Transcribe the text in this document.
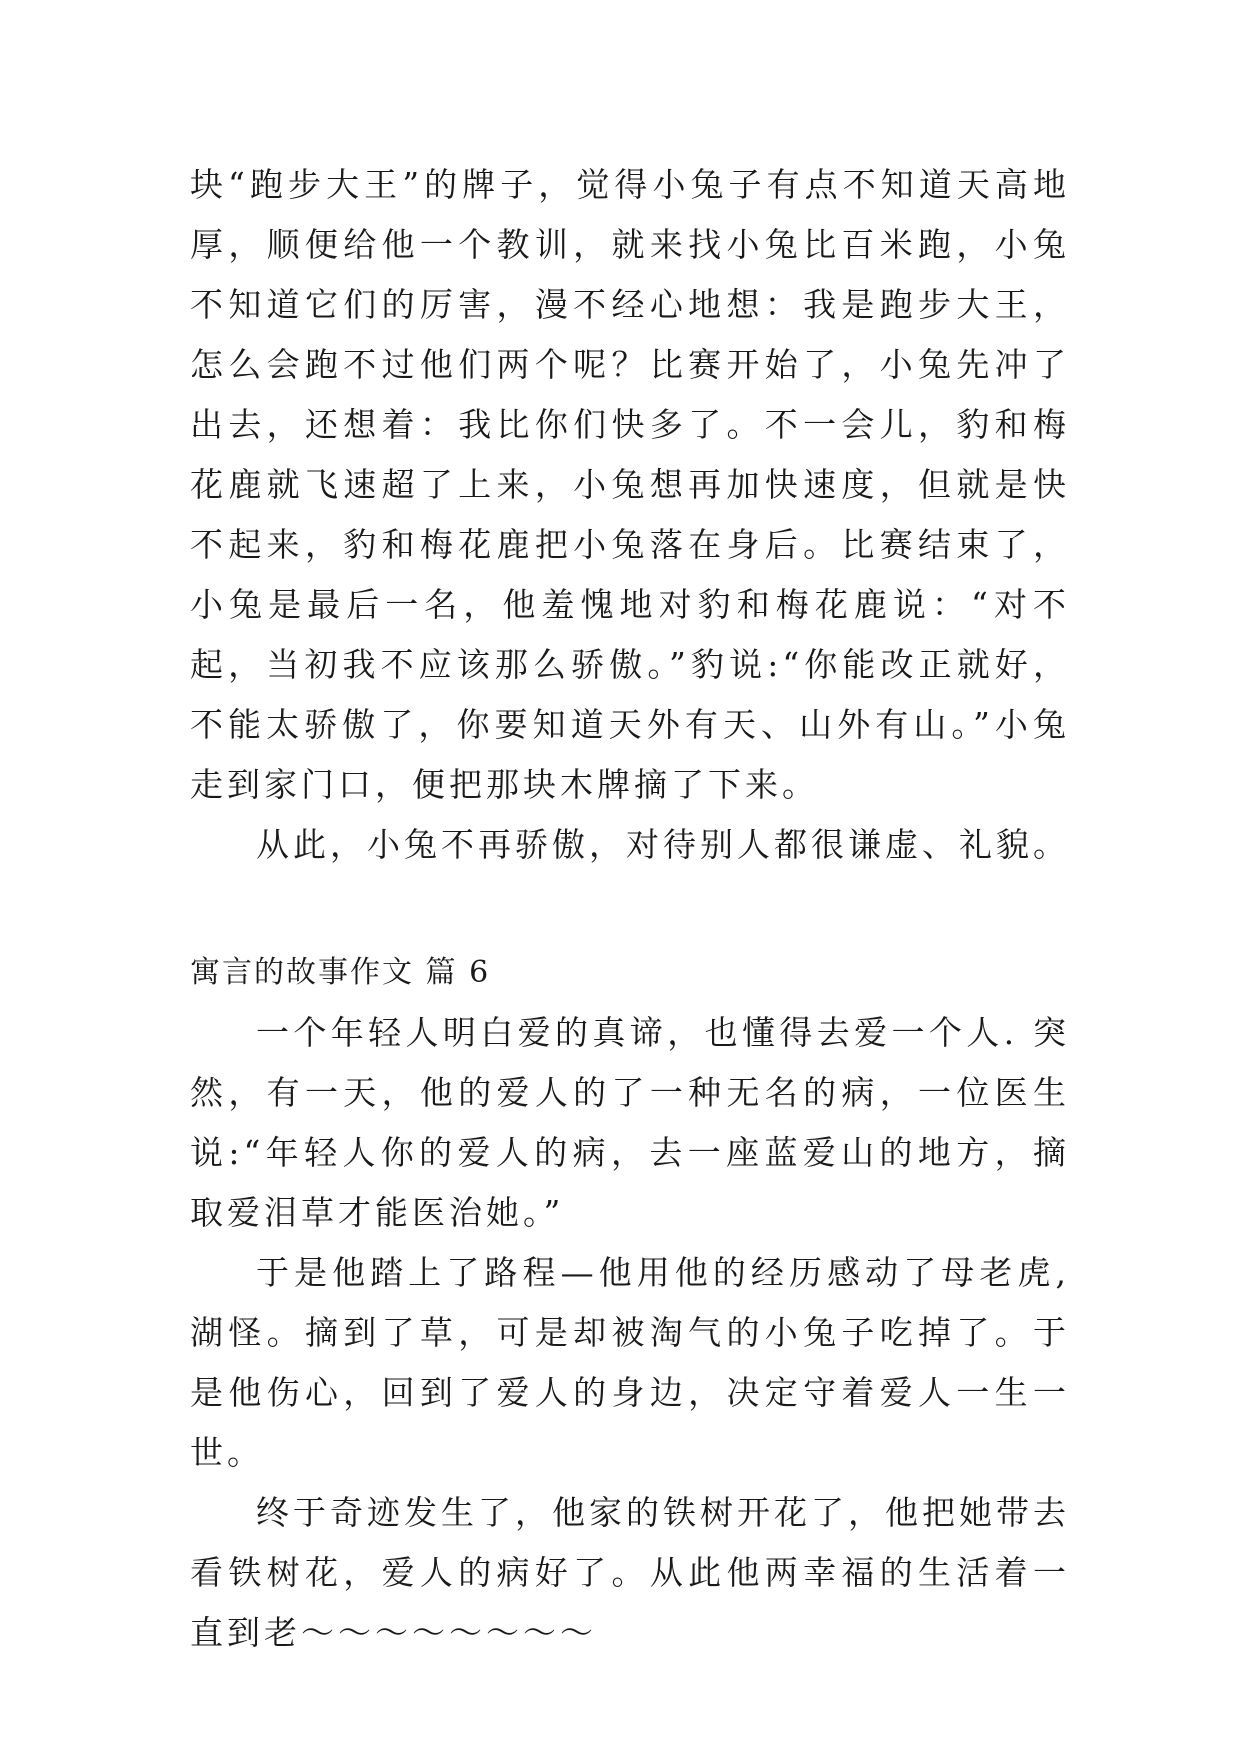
块“跑步大王”的牌子，觉得小兔子有点不知道天高地厚，顺便给他一个教训，就来找小兔比百米跑，小兔不知道它们的厉害，漫不经心地想：我是跑步大王，怎么会跑不过他们两个呢？比赛开始了，小兔先冲了出去，还想着：我比你们快多了。不一会儿，豹和梅花鹿就飞速超了上来，小兔想再加快速度，但就是快不起来，豹和梅花鹿把小兔落在身后。比赛结束了，小兔是最后一名，他羞愧地对豹和梅花鹿说：“对不起，当初我不应该那么骄傲。”豹说:“你能改正就好，不能太骄傲了，你要知道天外有天、山外有山。”小兔走到家门口，便把那块木牌摘了下来。

从此，小兔不再骄傲，对待别人都很谦虚、礼貌。

寓言的故事作文 篇 6

一个年轻人明白爱的真谛，也懂得去爱一个人. 突然，有一天，他的爱人的了一种无名的病，一位医生说:“年轻人你的爱人的病，去一座蓝爱山的地方，摘取爱泪草才能医治她。”

于是他踏上了路程—他用他的经历感动了母老虎,湖怪。摘到了草，可是却被淘气的小兔子吃掉了。于是他伤心，回到了爱人的身边，决定守着爱人一生一世。

终于奇迹发生了，他家的铁树开花了，他把她带去看铁树花，爱人的病好了。从此他两幸福的生活着一直到老～～～～～～～～
